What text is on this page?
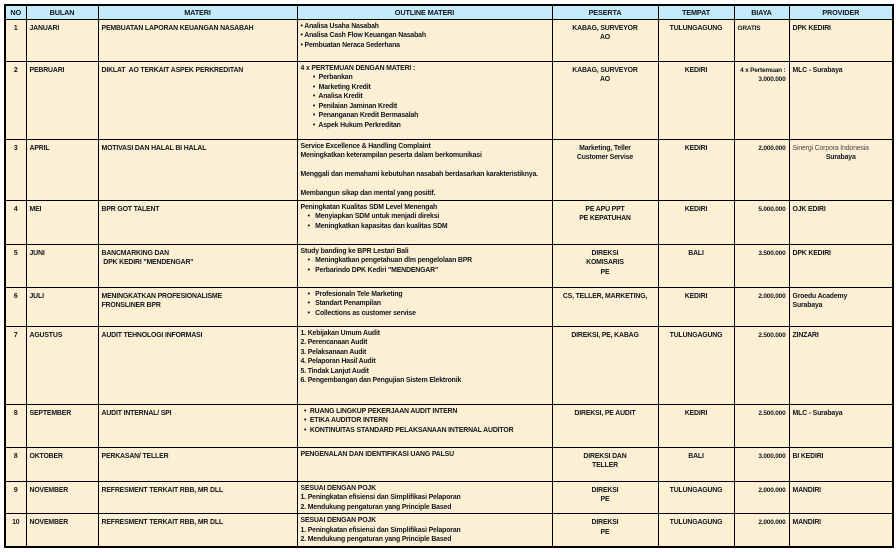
NO	BULAN	MATERI	OUTLINE MATERI	PESERTA	TEMPAT	BIAYA	PROVIDER
1	JANUARI	PEMBUATAN LAPORAN KEUANGAN NASABAH	• Analisa Usaha Nasabah
• Analisa Cash Flow Keuangan Nasabah
• Pembuatan Neraca Sederhana	KABAG, SURVEYOR
AO	TULUNGAGUNG	GRATIS	DPK KEDIRI

2	PEBRUARI	DIKLAT  AO TERKAIT ASPEK PERKREDITAN	4 x PERTEMUAN DENGAN MATERI :
•  Perbankan
•  Marketing Kredit
•  Analisa Kredit
•  Penilaian Jaminan Kredit
•  Penanganan Kredit Bermasalah
•  Aspek Hukum Perkreditan	KABAG, SURVEYOR
AO	KEDIRI	4 x Pertemuan :
3.000.000	
MLC - Surabaya

3	APRIL	MOTIVASI DAN HALAL BI HALAL	Service Excellence & Handling Complaint
Meningkatkan keterampilan peserta dalam berkomunikasi

Menggali dan memahami kebutuhan nasabah berdasarkan karakteristiknya.

Membangun sikap dan mental yang positif.	Marketing, Teller
Customer Servise	KEDIRI	2.000.000	Sinergi Corpora Indonesia
Surabaya

4	MEI	BPR GOT TALENT	Peningkatan Kualitas SDM Level Menengah
•   Menyiapkan SDM untuk menjadi direksi
•   Meningkatkan kapasitas dan kualitas SDM	PE APU PPT
PE KEPATUHAN	KEDIRI	5.000.000	OJK EDIRI

5	JUNI	BANCMARKING DAN
DPK KEDIRI "MENDENGAR"	Study banding ke BPR Lestari Bali
•   Meningkatkan pengetahuan dlm pengelolaan BPR
•   Perbarindo DPK Kediri "MENDENGAR"	DIREKSI
KOMISARIS
PE	BALI	3.500.000	DPK KEDIRI

6	JULI	MENINGKATKAN PROFESIONALISME
FRONSLINER BPR	•   Profesionaln Tele Marketing
•   Standart Penampilan
•   Collections as customer servise	CS, TELLER, MARKETING,	KEDIRI	2.000.000	Groedu Academy
Surabaya

7	AGUSTUS	AUDIT TEHNOLOGI INFORMASI	1. Kebijakan Umum Audit
2. Perencanaan Audit
3. Pelaksanaan Audit
4. Pelaporan Hasil Audit
5. Tindak Lanjut Audit
6. Pengembangan dan Pengujian Sistem Elektronik	DIREKSI, PE, KABAG	TULUNGAGUNG	2.500.000	ZINZARI

8	SEPTEMBER	AUDIT INTERNAL/ SPI	•  RUANG LINGKUP PEKERJAAN AUDIT INTERN
•  ETIKA AUDITOR INTERN
•  KONTINUITAS STANDARD PELAKSANAAN INTERNAL AUDITOR	DIREKSI, PE AUDIT	KEDIRI	2.500.000	MLC - Surabaya

8	OKTOBER	PERKASAN/ TELLER	PENGENALAN DAN IDENTIFIKASI UANG PALSU	DIREKSI DAN
TELLER	BALI	3.000.000	BI KEDIRI

9	NOVEMBER	REFRESMENT TERKAIT RBB, MR DLL	SESUAI DENGAN POJK
1. Peningkatan efisiensi dan Simplifikasi Pelaporan
2. Mendukung pengaturan yang Principle Based	DIREKSI
PE	TULUNGAGUNG	2.000.000	MANDIRI

10	NOVEMBER	REFRESMENT TERKAIT RBB, MR DLL	SESUAI DENGAN POJK
1. Peningkatan efisiensi dan Simplifikasi Pelaporan
2. Mendukung pengaturan yang Principle Based	DIREKSI
PE	TULUNGAGUNG	2.000.000	MANDIRI
